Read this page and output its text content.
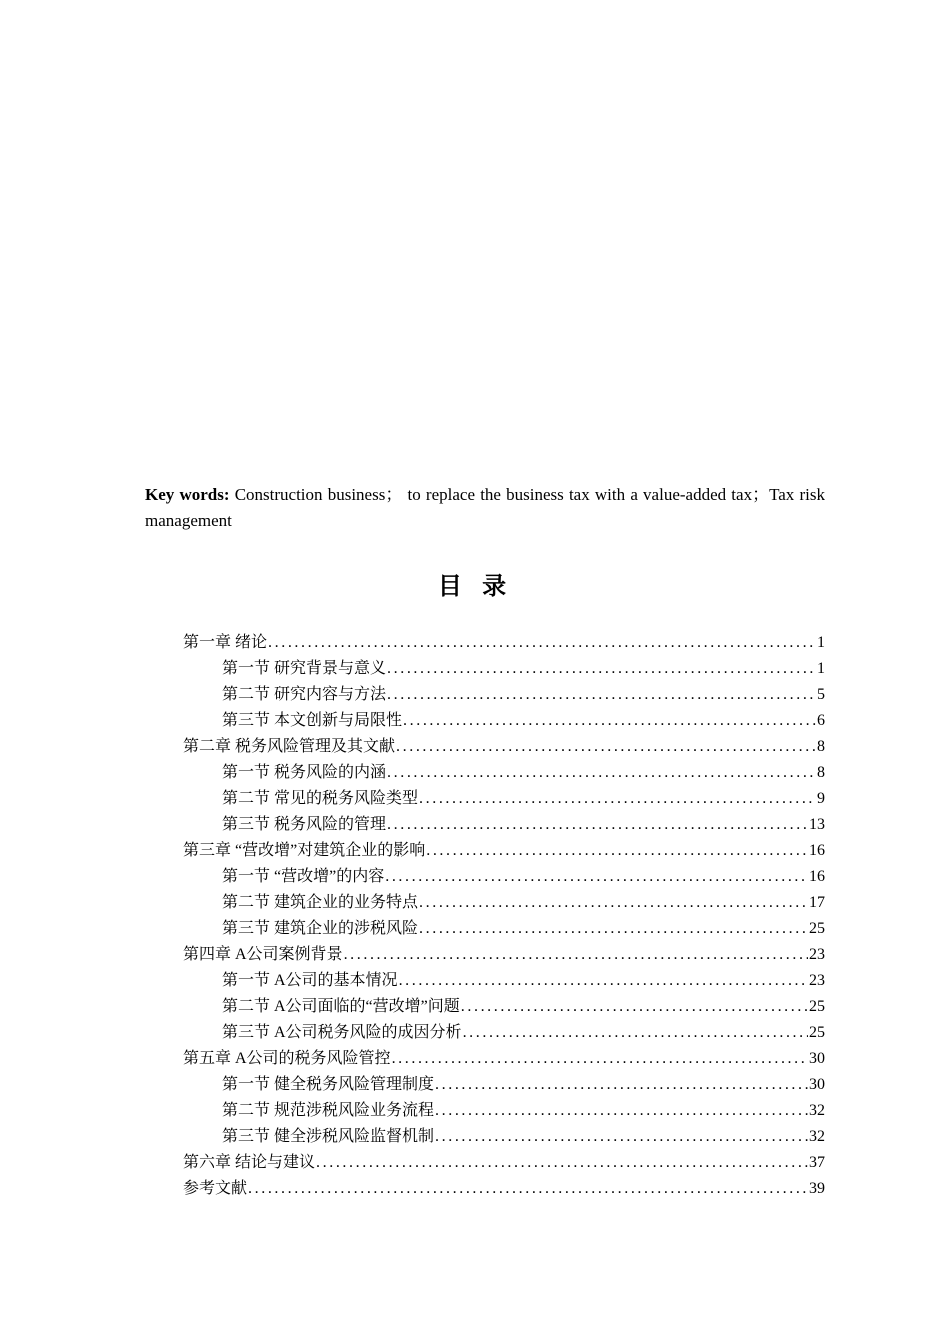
Key words: Construction business； to replace the business tax with a value-added tax；Tax risk management
目 录
第一章 绪论 .....	1
第一节 研究背景与意义 .....	1
第二节 研究内容与方法 .....	5
第三节 本文创新与局限性 .....	6
第二章 税务风险管理及其文献 .....	8
第一节 税务风险的内涵 .....	8
第二节 常见的税务风险类型 .....	9
第三节 税务风险的管理 .....	13
第三章 “营改增”对建筑企业的影响 .....	16
第一节 “营改增”的内容 .....	16
第二节 建筑企业的业务特点 .....	17
第三节 建筑企业的涉税风险 .....	25
第四章 A公司案例背景 .....	23
第一节 A公司的基本情况 .....	23
第二节 A公司面临的“营改增”问题 .....	25
第三节 A公司税务风险的成因分析 .....	25
第五章 A公司的税务风险管控 .....	30
第一节 健全税务风险管理制度 .....	30
第二节 规范涉税风险业务流程 .....	32
第三节 健全涉税风险监督机制 .....	32
第六章 结论与建议 .....	37
参考文献 .....	39
